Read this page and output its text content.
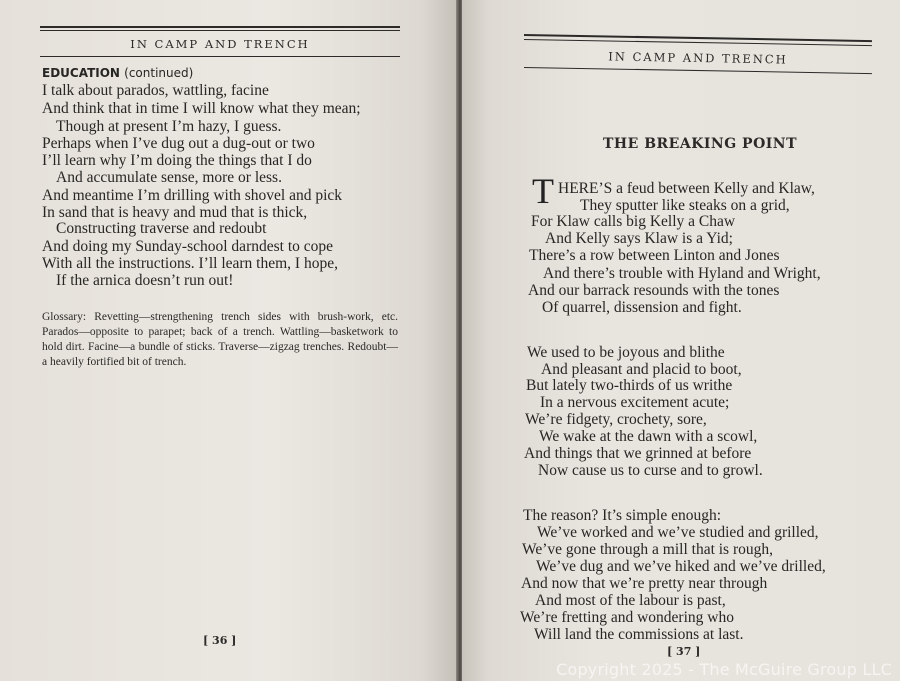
IN CAMP AND TRENCH
EDUCATION (continued)
I talk about parados, wattling, facine
And think that in time I will know what they mean;
Though at present I’m hazy, I guess.
Perhaps when I’ve dug out a dug-out or two
I’ll learn why I’m doing the things that I do
And accumulate sense, more or less.
And meantime I’m drilling with shovel and pick
In sand that is heavy and mud that is thick,
Constructing traverse and redoubt
And doing my Sunday-school darndest to cope
With all the instructions. I’ll learn them, I hope,
If the arnica doesn’t run out!
Glossary: Revetting—strengthening trench sides with brush-work, etc. Parados—opposite to parapet; back of a trench. Wattling—basketwork to hold dirt. Facine—a bundle of sticks. Traverse—zigzag trenches. Redoubt—a heavily fortified bit of trench.
[ 36 ]
IN CAMP AND TRENCH
THE BREAKING POINT
T HERE’S a feud between Kelly and Klaw,
They sputter like steaks on a grid,
For Klaw calls big Kelly a Chaw
And Kelly says Klaw is a Yid;
There’s a row between Linton and Jones
And there’s trouble with Hyland and Wright,
And our barrack resounds with the tones
Of quarrel, dissension and fight.
We used to be joyous and blithe
And pleasant and placid to boot,
But lately two-thirds of us writhe
In a nervous excitement acute;
We’re fidgety, crochety, sore,
We wake at the dawn with a scowl,
And things that we grinned at before
Now cause us to curse and to growl.
The reason? It’s simple enough:
We’ve worked and we’ve studied and grilled,
We’ve gone through a mill that is rough,
We’ve dug and we’ve hiked and we’ve drilled,
And now that we’re pretty near through
And most of the labour is past,
We’re fretting and wondering who
Will land the commissions at last.
[ 37 ]
Copyright 2025 - The McGuire Group LLC
